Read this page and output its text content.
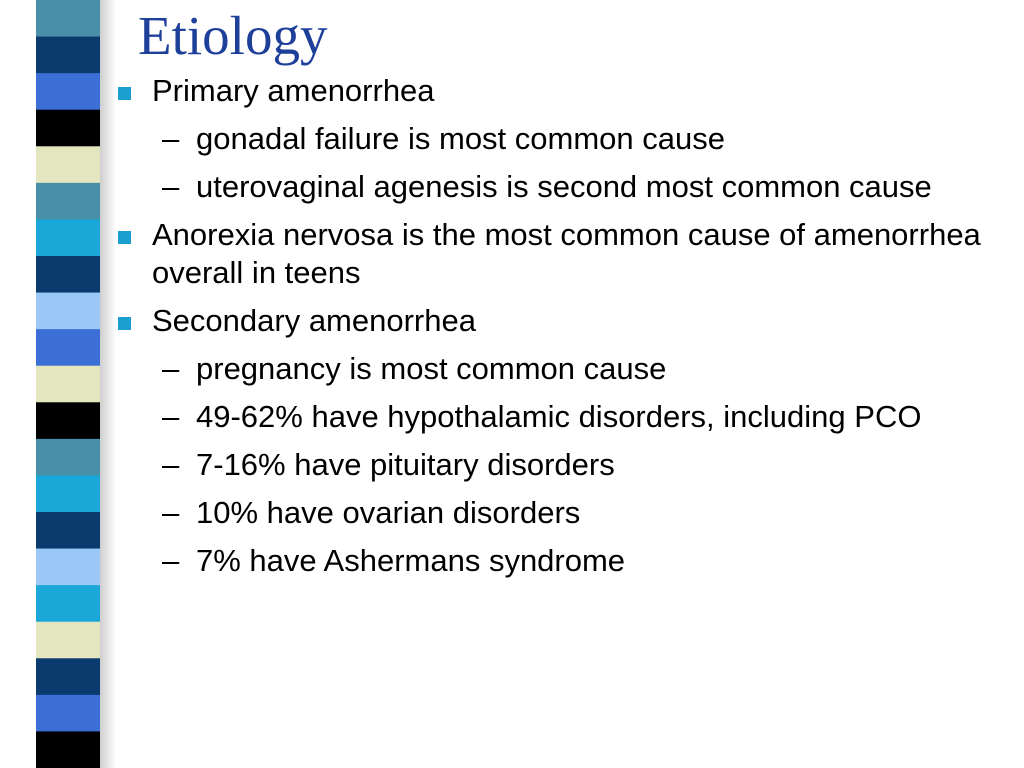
Etiology
Primary amenorrhea
– gonadal failure is most common cause
– uterovaginal agenesis is second most common cause
Anorexia nervosa is the most common cause of amenorrhea overall in teens
Secondary amenorrhea
– pregnancy is most common cause
– 49-62% have hypothalamic disorders, including PCO
– 7-16% have pituitary disorders
– 10% have ovarian disorders
– 7% have Ashermans syndrome
